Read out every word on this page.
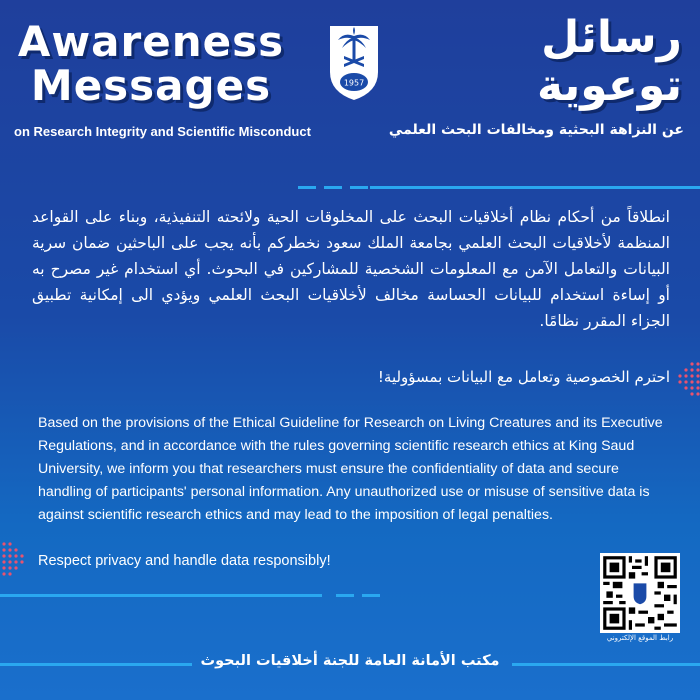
Awareness
Messages
رسائل
توعوية
1957
on Research Integrity and Scientific Misconduct	عن النزاهة البحثية ومخالفات البحث العلمي
انطلاقاً من أحكام نظام أخلاقيات البحث على المخلوقات الحية ولائحته التنفيذية، وبناء على القواعد المنظمة لأخلاقيات البحث العلمي بجامعة الملك سعود نخطركم بأنه يجب على الباحثين ضمان سرية البيانات والتعامل الآمن مع المعلومات الشخصية للمشاركين في البحوث. أي استخدام غير مصرح به أو إساءة استخدام للبيانات الحساسة مخالف لأخلاقيات البحث العلمي ويؤدي الى إمكانية تطبيق الجزاء المقرر نظامًا.
احترم الخصوصية وتعامل مع البيانات بمسؤولية!
Based on the provisions of the Ethical Guideline for Research on Living Creatures and its Executive Regulations, and in accordance with the rules governing scientific research ethics at King Saud University, we inform you that researchers must ensure the confidentiality of data and secure handling of participants' personal information. Any unauthorized use or misuse of sensitive data is against scientific research ethics and may lead to the imposition of legal penalties.
Respect privacy and handle data responsibly!
رابط الموقع الإلكتروني
مكتب الأمانة العامة للجنة أخلاقيات البحوث
